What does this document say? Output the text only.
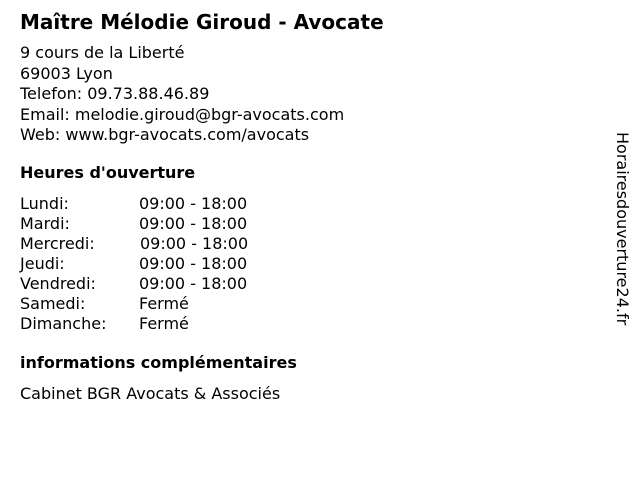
Maître Mélodie Giroud - Avocate
9 cours de la Liberté
69003 Lyon
Telefon: 09.73.88.46.89
Email: melodie.giroud@bgr-avocats.com
Web: www.bgr-avocats.com/avocats
Heures d'ouverture
Lundi:	09:00 - 18:00
Mardi:	09:00 - 18:00
Mercredi:	09:00 - 18:00
Jeudi:	09:00 - 18:00
Vendredi:	09:00 - 18:00
Samedi:	Fermé
Dimanche: Fermé
informations complémentaires
Cabinet BGR Avocats & Associés
Horairesdouverture24.fr
